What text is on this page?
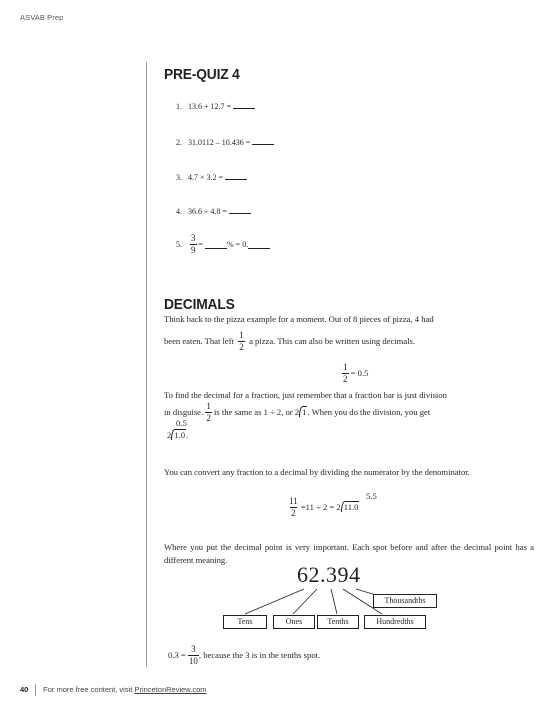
ASVAB Prep
PRE-QUIZ 4
1. 13.6 + 12.7 =
2. 31.0112 – 10.436 =
3. 4.7 × 3.2 =
4. 36.6 ÷ 4.8 =
5.
$\frac{3}{9}$
=
	% = 0.
DECIMALS
Think back to the pizza example for a moment. Out of 8 pieces of pizza, 4 had
been eaten. That left
$\frac{1}{2}$
a pizza. This can also be written using decimals.
$\frac{1}{2}$
= 0.5
To find the decimal for a fraction, just remember that a fraction bar is just division
in disguise.
$\frac{1}{2}$
is the same as 1 ÷ 2, or
2 1 . When you do the division, you get
0.5
2 1.0.
You can convert any fraction to a decimal by dividing the numerator by the denominator.
5.5
$\frac{11}{2}$
=11 ÷ 2 =
2 11.0
Where you put the decimal point is very important. Each spot before and after the decimal point has a different meaning.
62.394
Tens	Ones	Tenths	Hundredths
Thousandths
0.3 =
$\frac{3}{10}$ , because the 3 is in the tenths spot.
40 For more free content, visit PrincetonReview.com
